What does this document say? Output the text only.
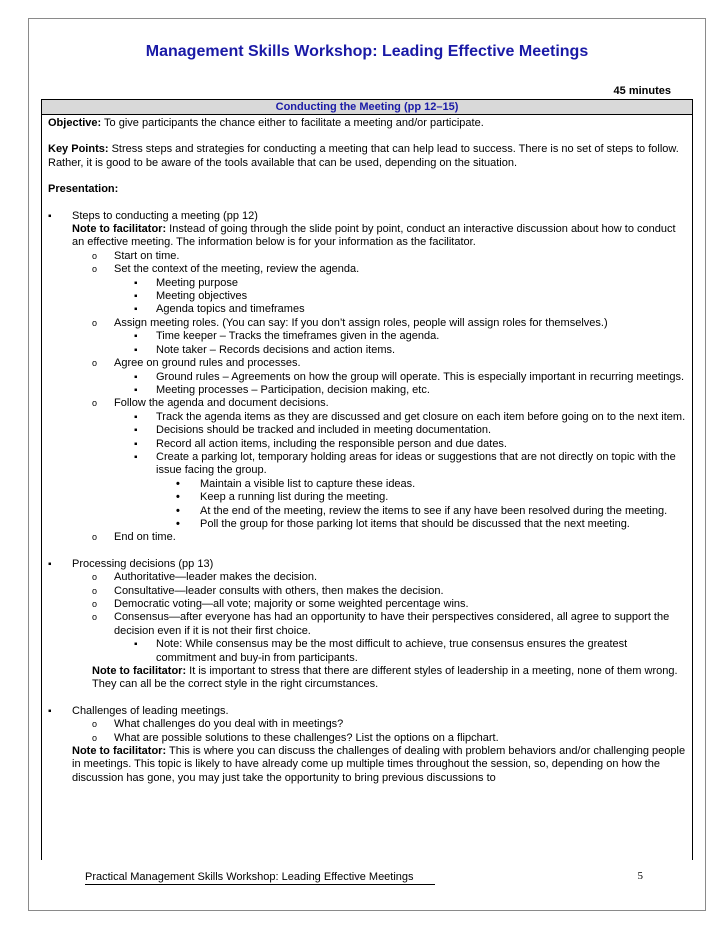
Management Skills Workshop: Leading Effective Meetings
45 minutes
Conducting the Meeting (pp 12–15)

Objective: To give participants the chance either to facilitate a meeting and/or participate.

Key Points: Stress steps and strategies for conducting a meeting that can help lead to success. There is no set of steps to follow. Rather, it is good to be aware of the tools available that can be used, depending on the situation.

Presentation:

▪ Steps to conducting a meeting (pp 12)
Note to facilitator: Instead of going through the slide point by point, conduct an interactive discussion about how to conduct an effective meeting. The information below is for your information as the facilitator.
o Start on time.
o Set the context of the meeting, review the agenda.
▪ Meeting purpose
▪ Meeting objectives
▪ Agenda topics and timeframes
o Assign meeting roles. (You can say: If you don’t assign roles, people will assign roles for themselves.)
▪ Time keeper – Tracks the timeframes given in the agenda.
▪ Note taker – Records decisions and action items.
o Agree on ground rules and processes.
▪ Ground rules – Agreements on how the group will operate. This is especially important in recurring meetings.
▪ Meeting processes – Participation, decision making, etc.
o Follow the agenda and document decisions.
▪ Track the agenda items as they are discussed and get closure on each item before going on to the next item.
▪ Decisions should be tracked and included in meeting documentation.
▪ Record all action items, including the responsible person and due dates.
▪ Create a parking lot, temporary holding areas for ideas or suggestions that are not directly on topic with the issue facing the group.
• Maintain a visible list to capture these ideas.
• Keep a running list during the meeting.
• At the end of the meeting, review the items to see if any have been resolved during the meeting.
• Poll the group for those parking lot items that should be discussed that the next meeting.
o End on time.
▪ Processing decisions (pp 13)
o Authoritative—leader makes the decision.
o Consultative—leader consults with others, then makes the decision.
o Democratic voting—all vote; majority or some weighted percentage wins.
o Consensus—after everyone has had an opportunity to have their perspectives considered, all agree to support the decision even if it is not their first choice.
▪ Note: While consensus may be the most difficult to achieve, true consensus ensures the greatest commitment and buy-in from participants.
Note to facilitator: It is important to stress that there are different styles of leadership in a meeting, none of them wrong. They can all be the correct style in the right circumstances.
▪ Challenges of leading meetings.
o What challenges do you deal with in meetings?
o What are possible solutions to these challenges? List the options on a flipchart.
Note to facilitator: This is where you can discuss the challenges of dealing with problem behaviors and/or challenging people in meetings. This topic is likely to have already come up multiple times throughout the session, so, depending on how the discussion has gone, you may just take the opportunity to bring previous discussions to
Practical Management Skills Workshop: Leading Effective Meetings	5
